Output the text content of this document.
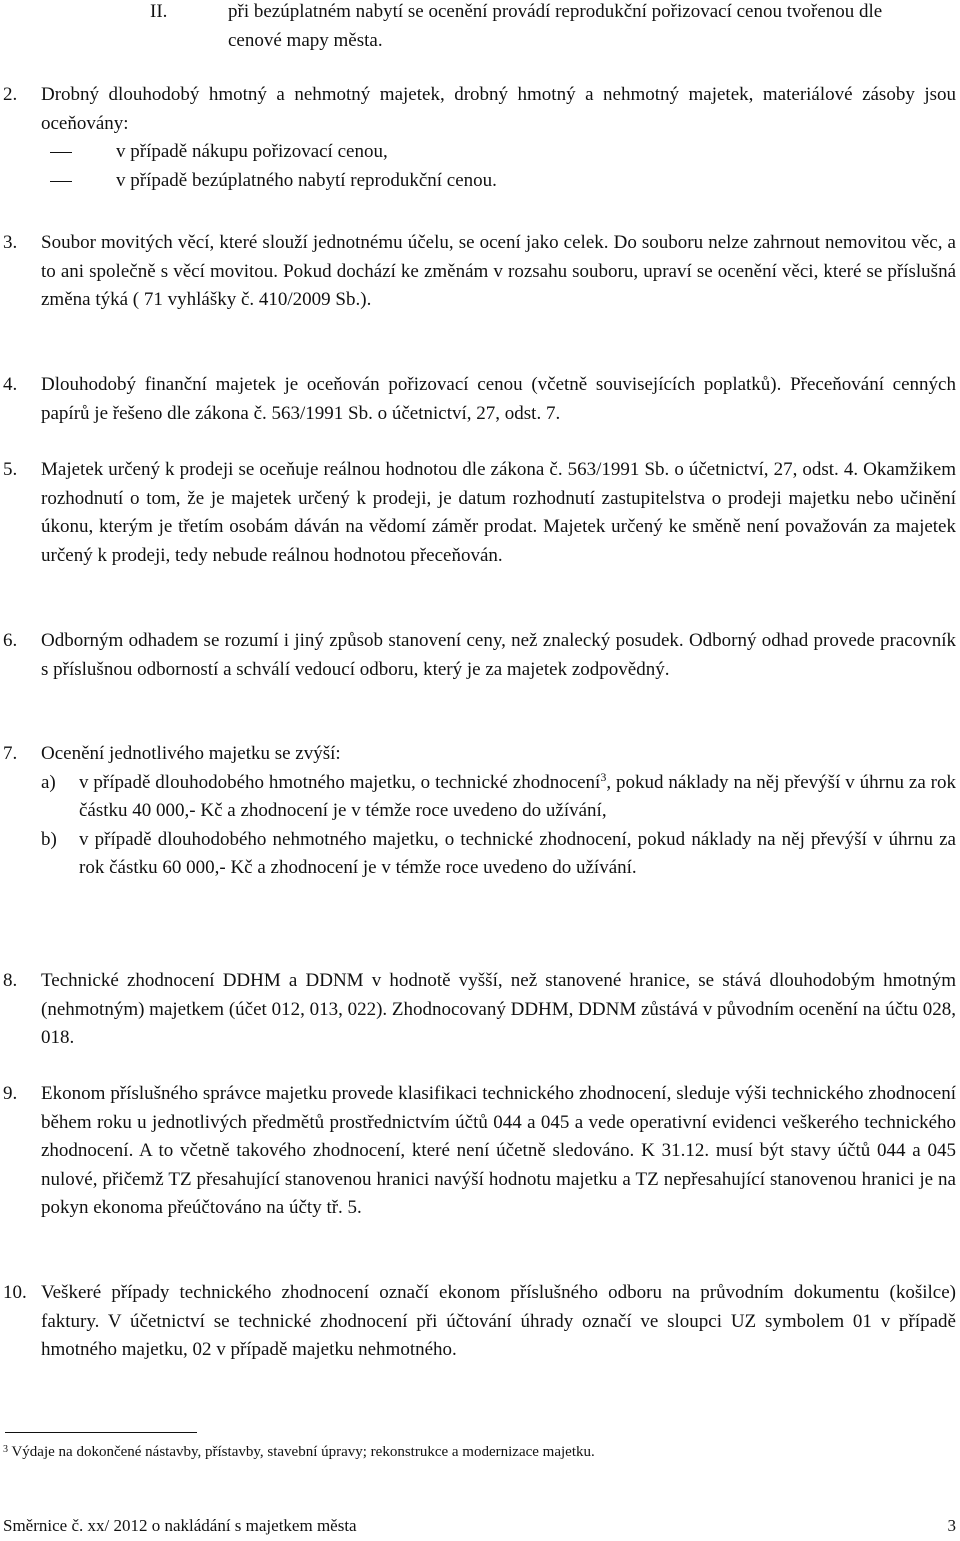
II.	při bezúplatném nabytí se ocenění provádí reprodukční pořizovací cenou tvořenou dle cenové mapy města.
2. Drobný dlouhodobý hmotný a nehmotný majetek, drobný hmotný a nehmotný majetek, materiálové zásoby jsou oceňovány:
v případě nákupu pořizovací cenou,
v případě bezúplatného nabytí reprodukční cenou.
3. Soubor movitých věcí, které slouží jednotnému účelu, se ocení jako celek. Do souboru nelze zahrnout nemovitou věc, a to ani společně s věcí movitou. Pokud dochází ke změnám v rozsahu souboru, upraví se ocenění věci, které se příslušná změna týká ( 71 vyhlášky č. 410/2009 Sb.).
4. Dlouhodobý finanční majetek je oceňován pořizovací cenou (včetně souvisejících poplatků). Přeceňování cenných papírů je řešeno dle zákona č. 563/1991 Sb. o účetnictví, 27, odst. 7.
5. Majetek určený k prodeji se oceňuje reálnou hodnotou dle zákona č. 563/1991 Sb. o účetnictví, 27, odst. 4. Okamžikem rozhodnutí o tom, že je majetek určený k prodeji, je datum rozhodnutí zastupitelstva o prodeji majetku nebo učinění úkonu, kterým je třetím osobám dáván na vědomí záměr prodat. Majetek určený ke směně není považován za majetek určený k prodeji, tedy nebude reálnou hodnotou přeceňován.
6. Odborným odhadem se rozumí i jiný způsob stanovení ceny, než znalecký posudek. Odborný odhad provede pracovník s příslušnou odborností a schválí vedoucí odboru, který je za majetek zodpovědný.
7. Ocenění jednotlivého majetku se zvýší:
a) v případě dlouhodobého hmotného majetku, o technické zhodnocení$^3$, pokud náklady na něj převýší v úhrnu za rok částku 40 000,- Kč a zhodnocení je v témže roce uvedeno do užívání,
b) v případě dlouhodobého nehmotného majetku, o technické zhodnocení, pokud náklady na něj převýší v úhrnu za rok částku 60 000,- Kč a zhodnocení je v témže roce uvedeno do užívání.
8. Technické zhodnocení DDHM a DDNM v hodnotě vyšší, než stanovené hranice, se stává dlouhodobým hmotným (nehmotným) majetkem (účet 012, 013, 022). Zhodnocovaný DDHM, DDNM zůstává v původním ocenění na účtu 028, 018.
9. Ekonom příslušného správce majetku provede klasifikaci technického zhodnocení, sleduje výši technického zhodnocení během roku u jednotlivých předmětů prostřednictvím účtů 044 a 045 a vede operativní evidenci veškerého technického zhodnocení. A to včetně takového zhodnocení, které není účetně sledováno. K 31.12. musí být stavy účtů 044 a 045 nulové, přičemž TZ přesahující stanovenou hranici navýší hodnotu majetku a TZ nepřesahující stanovenou hranici je na pokyn ekonoma přeúčtováno na účty tř. 5.
10. Veškeré případy technického zhodnocení označí ekonom příslušného odboru na průvodním dokumentu (košilce) faktury. V účetnictví se technické zhodnocení při účtování úhrady označí ve sloupci UZ symbolem 01 v případě hmotného majetku, 02 v případě majetku nehmotného.
$^3$ Výdaje na dokončené nástavby, přístavby, stavební úpravy; rekonstrukce a modernizace majetku.
Směrnice č. xx/ 2012 o nakládání s majetkem města	3
